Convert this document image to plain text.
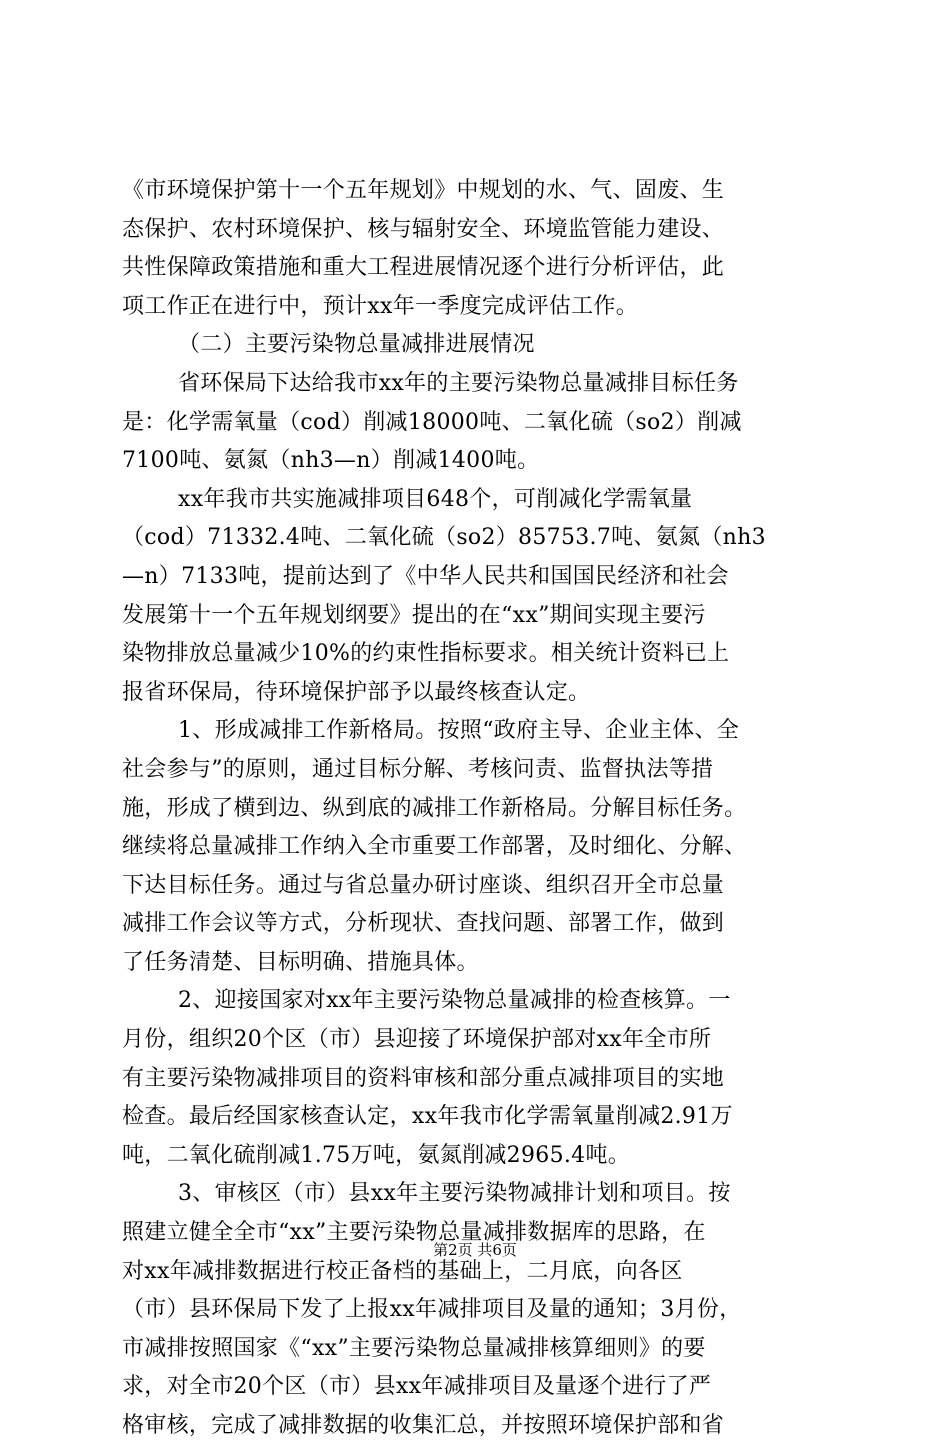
《市环境保护第十一个五年规划》中规划的水、气、固废、生
态保护、农村环境保护、核与辐射安全、环境监管能力建设、
共性保障政策措施和重大工程进展情况逐个进行分析评估，此
项工作正在进行中，预计xx年一季度完成评估工作。
（二）主要污染物总量减排进展情况
省环保局下达给我市xx年的主要污染物总量减排目标任务
是：化学需氧量（cod）削减18000吨、二氧化硫（so2）削减
7100吨、氨氮（nh3—n）削减1400吨。
xx年我市共实施减排项目648个，可削减化学需氧量
（cod）71332.4吨、二氧化硫（so2）85753.7吨、氨氮（nh3
—n）7133吨，提前达到了《中华人民共和国国民经济和社会
发展第十一个五年规划纲要》提出的在“xx”期间实现主要污
染物排放总量减少10%的约束性指标要求。相关统计资料已上
报省环保局，待环境保护部予以最终核查认定。
1、形成减排工作新格局。按照“政府主导、企业主体、全
社会参与”的原则，通过目标分解、考核问责、监督执法等措
施，形成了横到边、纵到底的减排工作新格局。分解目标任务。
继续将总量减排工作纳入全市重要工作部署，及时细化、分解、
下达目标任务。通过与省总量办研讨座谈、组织召开全市总量
减排工作会议等方式，分析现状、查找问题、部署工作，做到
了任务清楚、目标明确、措施具体。
2、迎接国家对xx年主要污染物总量减排的检查核算。一
月份，组织20个区（市）县迎接了环境保护部对xx年全市所
有主要污染物减排项目的资料审核和部分重点减排项目的实地
检查。最后经国家核查认定，xx年我市化学需氧量削减2.91万
吨，二氧化硫削减1.75万吨，氨氮削减2965.4吨。
3、审核区（市）县xx年主要污染物减排计划和项目。按
照建立健全全市“xx”主要污染物总量减排数据库的思路，在
对xx年减排数据进行校正备档的基础上，二月底，向各区
（市）县环保局下发了上报xx年减排项目及量的通知；3月份，
市减排按照国家《“xx”主要污染物总量减排核算细则》的要
求，对全市20个区（市）县xx年减排项目及量逐个进行了严
格审核，完成了减排数据的收集汇总，并按照环境保护部和省
第2页 共6页
